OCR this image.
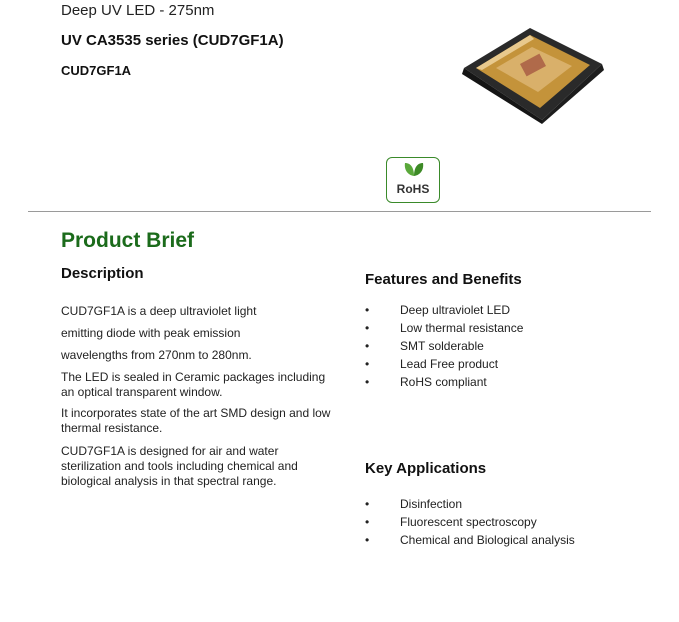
Deep UV LED - 275nm
UV CA3535 series (CUD7GF1A)
CUD7GF1A
RoHS
Product Brief
Description
CUD7GF1A is a deep ultraviolet light
emitting diode with peak emission
wavelengths from 270nm to 280nm.
The LED is sealed in Ceramic packages including an optical transparent window.
It incorporates state of the art SMD design and low thermal resistance.
CUD7GF1A is designed for air and water sterilization and tools including chemical and biological analysis in that spectral range.
Features and Benefits
•	Deep ultraviolet LED
•	Low thermal resistance
•	SMT solderable
•	Lead Free product
•	RoHS compliant
Key Applications
•	Disinfection
•	Fluorescent spectroscopy
•	Chemical and Biological analysis
